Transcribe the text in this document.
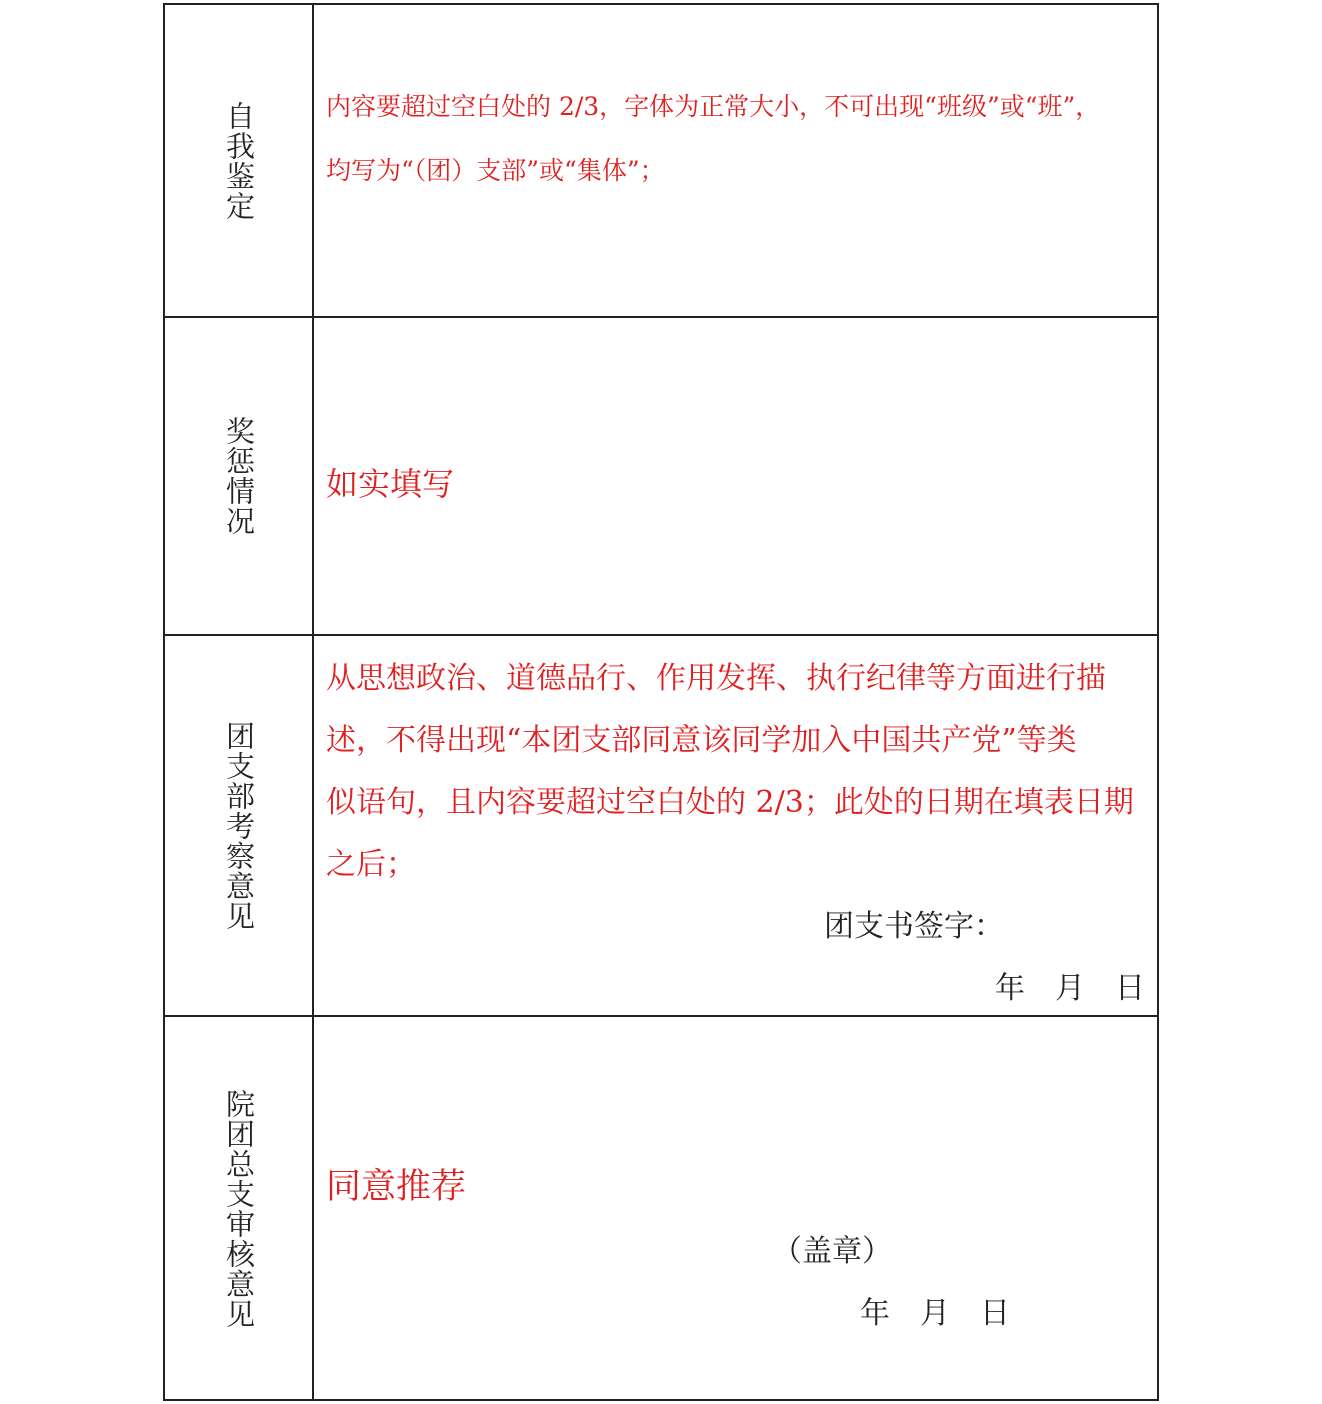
自我鉴定	内容要超过空白处的 2/3，字体为正常大小，不可出现“班级”或“班”，
均写为“（团）支部”或“集体”；
奖惩情况 如实填写
团支部考察意见
从思想政治、道德品行、作用发挥、执行纪律等方面进行描
述，不得出现“本团支部同意该同学加入中国共产党”等类
似语句，且内容要超过空白处的 2/3；此处的日期在填表日期
之后；
团支书签字：
年　月　日
院团总支审核意见 同意推荐
（盖章）
年　月　日
